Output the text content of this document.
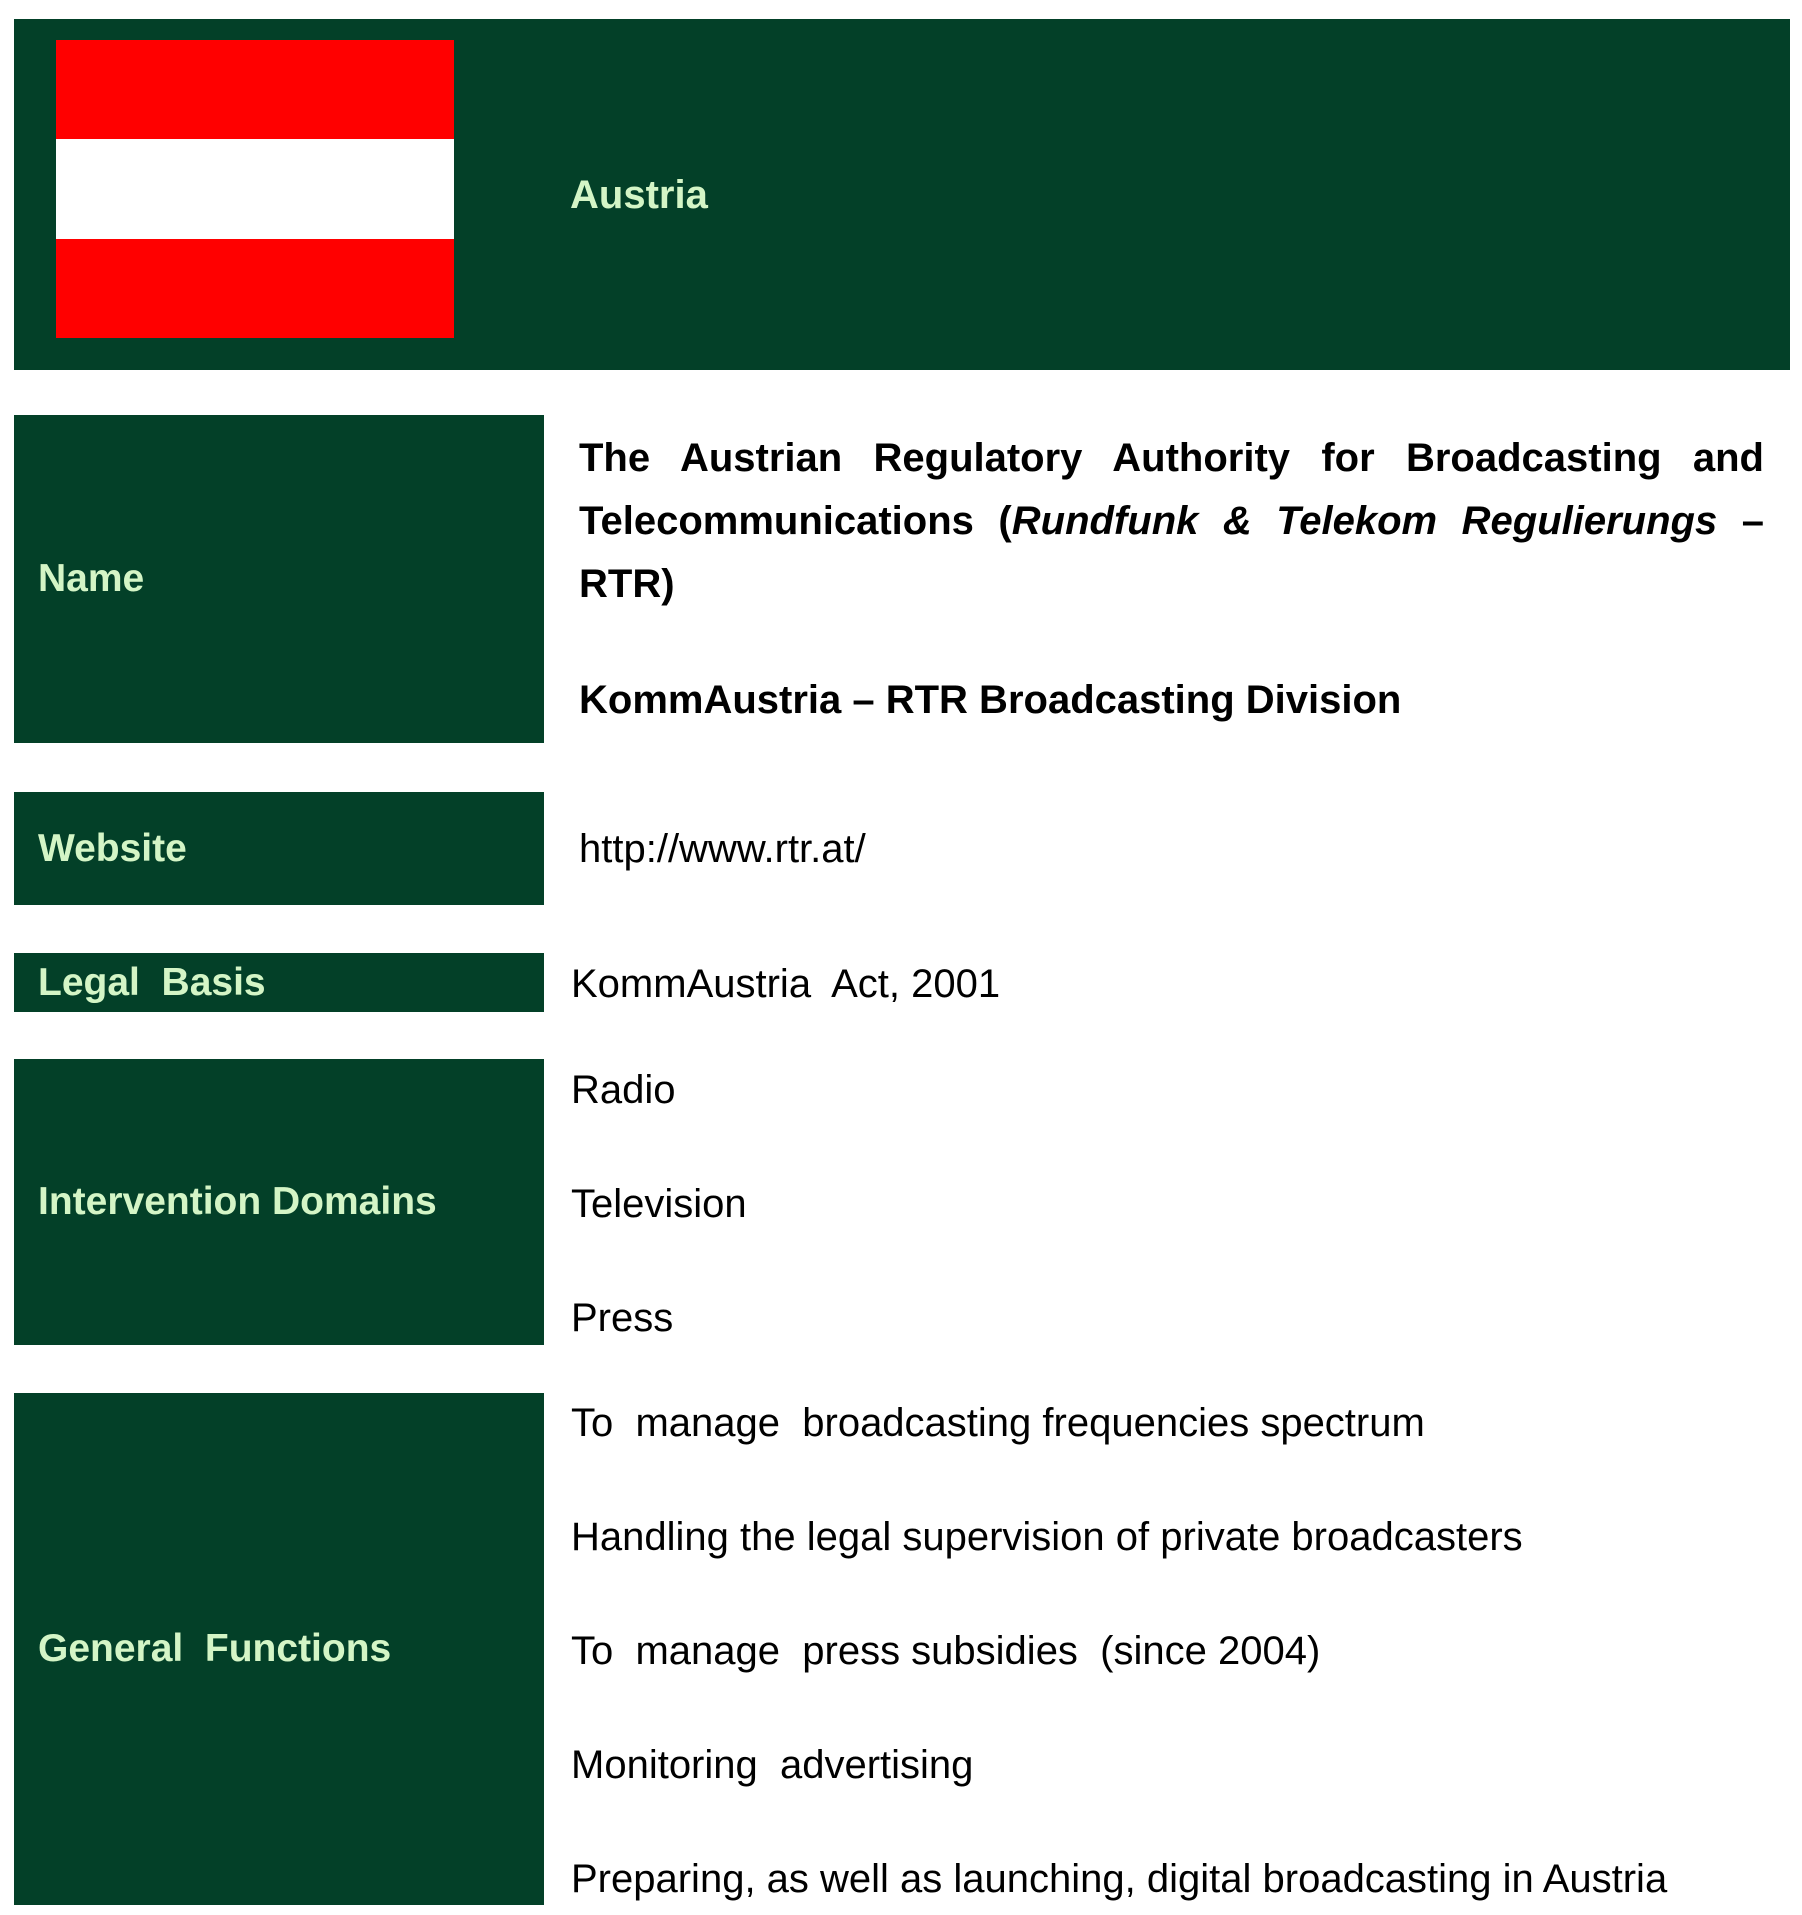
Austria
Name
The Austrian Regulatory Authority for Broadcasting and Telecommunications (Rundfunk & Telekom Regulierungs – RTR)
KommAustria – RTR Broadcasting Division
Website	http://www.rtr.at/
Legal  Basis	KommAustria  Act, 2001
Intervention Domains
Radio
Television
Press
General  Functions
To  manage  broadcasting frequencies spectrum
Handling the legal supervision of private broadcasters
To  manage  press subsidies  (since 2004)
Monitoring  advertising
Preparing, as well as launching, digital broadcasting in Austria
